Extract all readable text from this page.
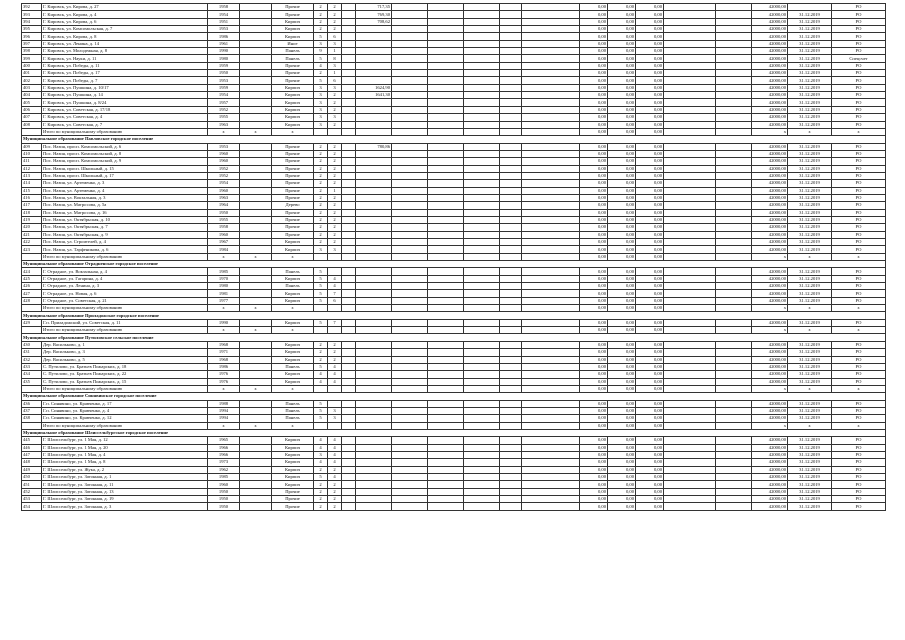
392	Г. Кировск, ул. Кирова, д. 27	1958		Прочие	2	2		717,35						0,00	0,00	0,00			42000,00		РО
393	Г. Кировск, ул. Кирова, д. 4	1954		Прочие	2	2		769,30						0,00	0,00	0,00			42000,00	31.12.2019	РО
394	Г. Кировск, ул. Кирова, д. 6	1951		Кирпич	2	2		708,62						0,00	0,00	0,00			42000,00	31.12.2019	РО
395	Г. Кировск, ул. Комсомольская, д. 7	1953		Кирпич	2	2								0,00	0,00	0,00			42000,00	31.12.2019	РО
396	Г. Кировск, ул. Кирова, д. 8	1986		Кирпич	5	6								0,00	0,00	0,00			42000,00	31.12.2019	РО
397	Г. Кировск, ул. Ленина, д. 14	1961		Иное	3	3								0,00	0,00	0,00			42000,00	31.12.2019	РО
398	Г. Кировск, ул. Молодежная, д. 8	1990		Панель	9	1								0,00	0,00	0,00			42000,00	31.12.2019	РО
399	Г. Кировск, ул. Науки, д. 11	1980		Панель	5	8								0,00	0,00	0,00			42000,00	31.12.2019	Спецсчет
400	Г. Кировск, ул. Победы, д. 11	1959		Прочие	4	3								0,00	0,00	0,00			42000,00	31.12.2019	РО
401	Г. Кировск, ул. Победы, д. 17	1950		Прочие	2	1								0,00	0,00	0,00			42000,00	31.12.2019	РО
402	Г. Кировск, ул. Победы, д. 7	1953		Прочие	5	6								0,00	0,00	0,00			42000,00	31.12.2019	РО
403	Г. Кировск, ул. Пушкина, д. 10/17	1959		Кирпич	3	3		1624,90						0,00	0,00	0,00			42000,00	31.12.2019	РО
404	Г. Кировск, ул. Пушкина, д. 14	1954		Кирпич	3	2		1641,30						0,00	0,00	0,00			42000,00	31.12.2019	РО
405	Г. Кировск, ул. Пушкина, д. 8/24	1957		Кирпич	3	2								0,00	0,00	0,00			42000,00	31.12.2019	РО
406	Г. Кировск, ул. Советская, д. 17/18	1952		Кирпич	3	2								0,00	0,00	0,00			42000,00	31.12.2019	РО
407	Г. Кировск, ул. Советская, д. 4	1955		Кирпич	3	3								0,00	0,00	0,00			42000,00	31.12.2019	РО
408	Г. Кировск, ул. Советская, д. 7	1963		Кирпич	3	2								0,00	0,00	0,00			42000,00	31.12.2019	РО
	Итого по муниципальному образованию	x	x	x										0,00	0,00	0,00			x	x	x
Муниципальное образование Павловское городское поселение																					
409	Пос. Назия, просп. Комсомольский, д. 6	1953		Прочие	2	2		780,86						0,00	0,00	0,00			42000,00	31.12.2019	РО
410	Пос. Назия, просп. Комсомольский, д. 8	1960		Прочие	2	2								0,00	0,00	0,00			42000,00	31.12.2019	РО
411	Пос. Назия, просп. Комсомольский, д. 9	1960		Прочие	2	2								0,00	0,00	0,00			42000,00	31.12.2019	РО
412	Пос. Назия, просп. Школьный, д. 15	1952		Прочие	2	2								0,00	0,00	0,00			42000,00	31.12.2019	РО
413	Пос. Назия, просп. Школьный, д. 17	1952		Прочие	2	2								0,00	0,00	0,00			42000,00	31.12.2019	РО
414	Пос. Назия, ул. Артеменко, д. 3	1954		Прочие	2	2								0,00	0,00	0,00			42000,00	31.12.2019	РО
415	Пос. Назия, ул. Артеменко, д. 4	1960		Прочие	2	1								0,00	0,00	0,00			42000,00	31.12.2019	РО
416	Пос. Назия, ул. Вокзальная, д. 3	1963		Прочие	2	2								0,00	0,00	0,00			42000,00	31.12.2019	РО
417	Пос. Назия, ул. Матросова, д. 5а	1964		Дерево	2	2								0,00	0,00	0,00			42000,00	31.12.2019	РО
418	Пос. Назия, ул. Матросова, д. 16	1950		Прочие	2	2								0,00	0,00	0,00			42000,00	31.12.2019	РО
419	Пос. Назия, ул. Октябрьская, д. 10	1955		Прочие	2	2								0,00	0,00	0,00			42000,00	31.12.2019	РО
420	Пос. Назия, ул. Октябрьская, д. 7	1958		Прочие	2	2								0,00	0,00	0,00			42000,00	31.12.2019	РО
421	Пос. Назия, ул. Октябрьская, д. 9	1960		Прочие	2	2								0,00	0,00	0,00			42000,00	31.12.2019	РО
422	Пос. Назия, ул. Строителей, д. 4	1967		Кирпич	2	2								0,00	0,00	0,00			42000,00	31.12.2019	РО
423	Пос. Назия, ул. Тарфеникова, д. 6	1984		Кирпич	3	3								0,00	0,00	0,00			42000,00	31.12.2019	РО
	Итого по муниципальному образованию	x	x	x										0,00	0,00	0,00			x	x	x
Муниципальное образование Отрадненское городское поселение																					
424	Г. Отрадное, ул. Вокзальная, д. 4	1985		Панель	5									0,00	0,00	0,00			42000,00	31.12.2019	РО
425	Г. Отрадное, ул. Гагарина, д. 4	1970		Кирпич	5	4								0,00	0,00	0,00			42000,00	31.12.2019	РО
426	Г. Отрадное, ул. Ленина, д. 3	1980		Панель	5	4								0,00	0,00	0,00			42000,00	31.12.2019	РО
427	Г. Отрадное, ул. Новая, д. 6	1981		Кирпич	5	7								0,00	0,00	0,00			42000,00	31.12.2019	РО
428	Г. Отрадное, ул. Советская, д. 21	1977		Кирпич	5	6								0,00	0,00	0,00			42000,00	31.12.2019	РО
	Итого по муниципальному образованию	x	x	x										0,00	0,00	0,00			x	x	x
Муниципальное образование Приладожское городское поселение																					
429	Г.п. Приладожский, ул. Советская, д. 11	1990		Кирпич	5	7								0,00	0,00	0,00			42000,00	31.12.2019	РО
	Итого по муниципальному образованию	x	x	x										0,00	0,00	0,00			x	x	x
Муниципальное образование Путиловское сельское поселение																					
430	Дер. Васильково, д. 1	1968		Кирпич	2	2								0,00	0,00	0,00			42000,00	31.12.2019	РО
431	Дер. Васильково, д. 3	1971		Кирпич	2	2								0,00	0,00	0,00			42000,00	31.12.2019	РО
432	Дер. Васильково, д. 5	1968		Кирпич	2	2								0,00	0,00	0,00			42000,00	31.12.2019	РО
433	С. Путилово, ул. Братьев Пожарских, д. 18	1986		Панель	5	4								0,00	0,00	0,00			42000,00	31.12.2019	РО
434	С. Путилово, ул. Братьев Пожарских, д. 22	1976		Кирпич	4	4								0,00	0,00	0,00			42000,00	31.12.2019	РО
435	С. Путилово, ул. Братьев Пожарских, д. 15	1976		Кирпич	4	4								0,00	0,00	0,00			42000,00	31.12.2019	РО
	Итого по муниципальному образованию	x	x	x										0,00	0,00	0,00			x	x	x
Муниципальное образование Синявинское городское поселение																					
436	Г.п. Синявино, ул. Кравченко, д. 17	1988		Панель	5									0,00	0,00	0,00			42000,00	31.12.2019	РО
437	Г.п. Синявино, ул. Кравченко, д. 4	1994		Панель	5	3								0,00	0,00	0,00			42000,00	31.12.2019	РО
438	Г.п. Синявино, ул. Кравченко, д. 12	1994		Панель	5	3								0,00	0,00	0,00			42000,00	31.12.2019	РО
	Итого по муниципальному образованию	x	x	x										0,00	0,00	0,00			x	x	x
Муниципальное образование Шлиссельбургское городское поселение																					
445	Г. Шлиссельбург, ул. 1 Мая, д. 12	1965		Кирпич	4	4								0,00	0,00	0,00			42000,00	31.12.2019	РО
446	Г. Шлиссельбург, ул. 1 Мая, д. 20	1966		Кирпич	4	4								0,00	0,00	0,00			42000,00	31.12.2019	РО
447	Г. Шлиссельбург, ул. 1 Мая, д. 4	1966		Кирпич	3	4								0,00	0,00	0,00			42000,00	31.12.2019	РО
448	Г. Шлиссельбург, ул. 1 Мая, д. 8	1973		Кирпич	4	4								0,00	0,00	0,00			42000,00	31.12.2019	РО
449	Г. Шлиссельбург, ул. Жука, д. 2	1962		Кирпич	2	2								0,00	0,00	0,00			42000,00	31.12.2019	РО
450	Г. Шлиссельбург, ул. Затонная, д. 1	1985		Кирпич	5	4								0,00	0,00	0,00			42000,00	31.12.2019	РО
451	Г. Шлиссельбург, ул. Затонная, д. 11	1960		Кирпич	2	2								0,00	0,00	0,00			42000,00	31.12.2019	РО
452	Г. Шлиссельбург, ул. Затонная, д. 13	1950		Прочие	2	2								0,00	0,00	0,00			42000,00	31.12.2019	РО
453	Г. Шлиссельбург, ул. Затонная, д. 19	1950		Прочие	2	2								0,00	0,00	0,00			42000,00	31.12.2019	РО
454	Г. Шлиссельбург, ул. Затонная, д. 3	1950		Прочие	2	2								0,00	0,00	0,00			42000,00	31.12.2019	РО
